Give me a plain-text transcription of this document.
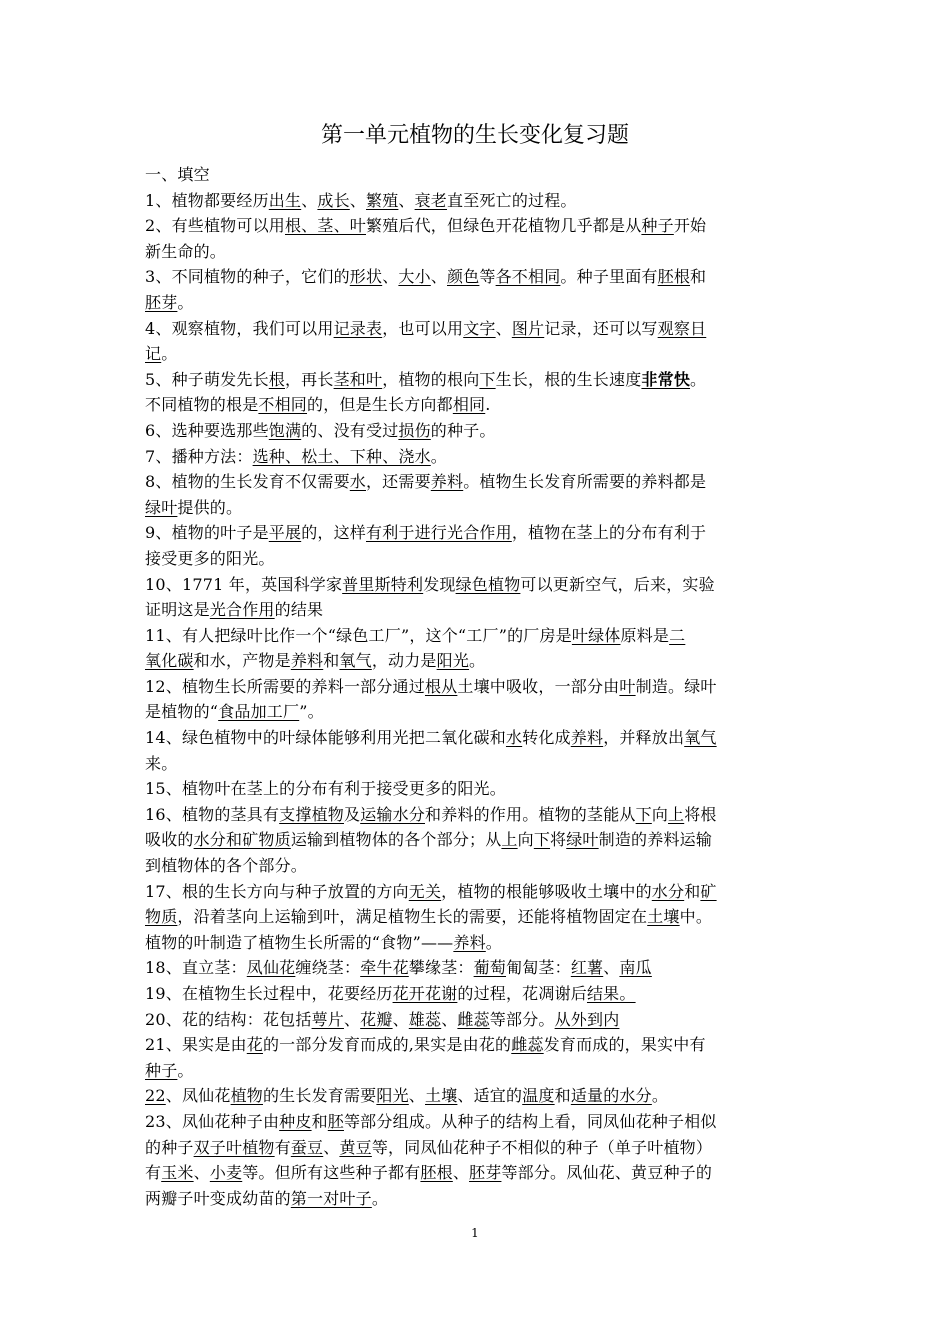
第一单元植物的生长变化复习题
一、填空
1、植物都要经历出生、成长、繁殖、衰老直至死亡的过程。
2、有些植物可以用根、茎、叶繁殖后代，但绿色开花植物几乎都是从种子开始
新生命的。
3、不同植物的种子，它们的形状、大小、颜色等各不相同。种子里面有胚根和
胚芽。
4、观察植物，我们可以用记录表，也可以用文字、图片记录，还可以写观察日
记。
5、种子萌发先长根，再长茎和叶，植物的根向下生长，根的生长速度非常快。
不同植物的根是不相同的，但是生长方向都相同.
6、选种要选那些饱满的、没有受过损伤的种子。
7、播种方法：选种、松土、下种、浇水。
8、植物的生长发育不仅需要水，还需要养料。植物生长发育所需要的养料都是
绿叶提供的。
9、植物的叶子是平展的，这样有利于进行光合作用，植物在茎上的分布有利于
接受更多的阳光。
10、1771 年，英国科学家普里斯特利发现绿色植物可以更新空气，后来，实验
证明这是光合作用的结果
11、有人把绿叶比作一个“绿色工厂”，这个“工厂”的厂房是叶绿体原料是二
氧化碳和水，产物是养料和氧气，动力是阳光。
12、植物生长所需要的养料一部分通过根从土壤中吸收，一部分由叶制造。绿叶
是植物的“食品加工厂”。
14、绿色植物中的叶绿体能够利用光把二氧化碳和水转化成养料，并释放出氧气
来。
15、植物叶在茎上的分布有利于接受更多的阳光。
16、植物的茎具有支撑植物及运输水分和养料的作用。植物的茎能从下向上将根
吸收的水分和矿物质运输到植物体的各个部分；从上向下将绿叶制造的养料运输
到植物体的各个部分。
17、根的生长方向与种子放置的方向无关，植物的根能够吸收土壤中的水分和矿
物质，沿着茎向上运输到叶，满足植物生长的需要，还能将植物固定在土壤中。
植物的叶制造了植物生长所需的“食物”——养料。
18、直立茎：凤仙花缠绕茎：牵牛花攀缘茎：葡萄匍匐茎：红薯、南瓜
19、在植物生长过程中，花要经历花开花谢的过程，花凋谢后结果。
20、花的结构：花包括萼片、花瓣、雄蕊、雌蕊等部分。从外到内
21、果实是由花的一部分发育而成的,果实是由花的雌蕊发育而成的，果实中有
种子。
22、凤仙花植物的生长发育需要阳光、土壤、适宜的温度和适量的水分。
23、凤仙花种子由种皮和胚等部分组成。从种子的结构上看，同凤仙花种子相似
的种子双子叶植物有蚕豆、黄豆等，同凤仙花种子不相似的种子（单子叶植物）
有玉米、小麦等。但所有这些种子都有胚根、胚芽等部分。凤仙花、黄豆种子的
两瓣子叶变成幼苗的第一对叶子。
1
